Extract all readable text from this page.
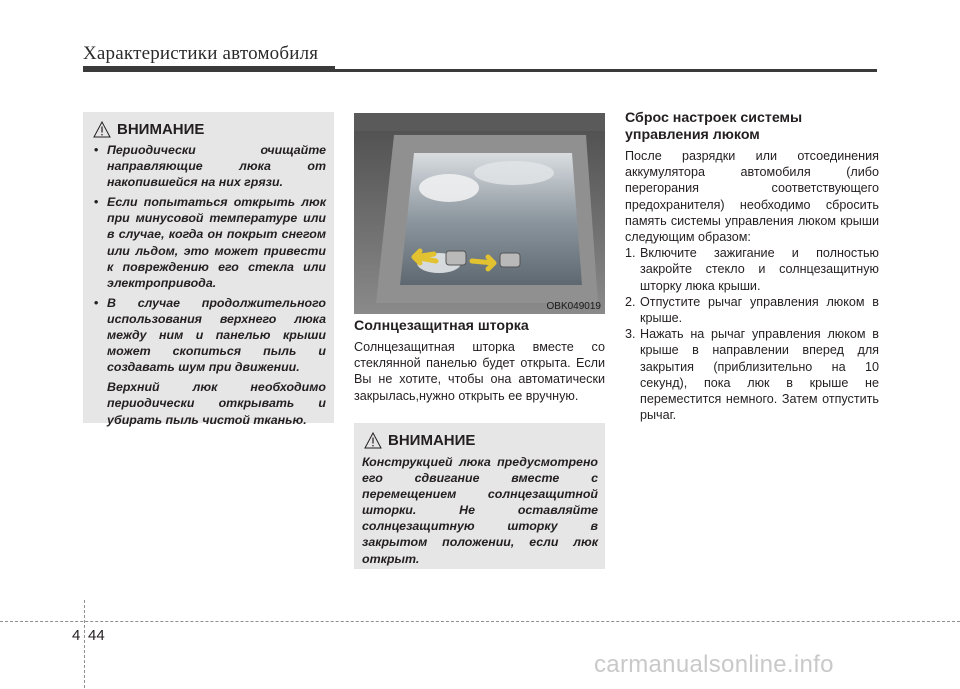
Характеристики автомобиля
ВНИМАНИЕ

• Периодически очищайте направляющие люка от накопившейся на них грязи.

• Если попытаться открыть люк при минусовой температуре или в случае, когда он покрыт снегом или льдом, это может привести к повреждению его стекла или электропривода.

• В случае продолжительного использования верхнего люка между ним и панелью крыши может скопиться пыль и создавать шум при движении.

Верхний люк необходимо периодически открывать и убирать пыль чистой тканью.

OBK049019
Солнцезащитная шторка
Солнцезащитная шторка вместе со стеклянной панелью будет открыта. Если Вы не хотите, чтобы она автоматически закрылась,нужно открыть ее вручную.
ВНИМАНИЕ
Конструкцией люка предусмотрено его сдвигание вместе с перемещением солнцезащитной шторки. Не оставляйте солнцезащитную шторку в закрытом положении, если люк открыт.
Сброс настроек системы
управления люком

После разрядки или отсоединения аккумулятора автомобиля (либо перегорания соответствующего предохранителя) необходимо сбросить память системы управления люком крыши следующим образом:

1. Включите зажигание и полностью закройте стекло и солнцезащитную шторку люка крыши.
2. Отпустите рычаг управления люком в крыше.
3. Нажать на рычаг управления люком в крыше в направлении вперед для закрытия (приблизительно на 10 секунд), пока люк в крыше не переместится немного. Затем отпустить рычаг.
4 44
carmanualsonline.info
